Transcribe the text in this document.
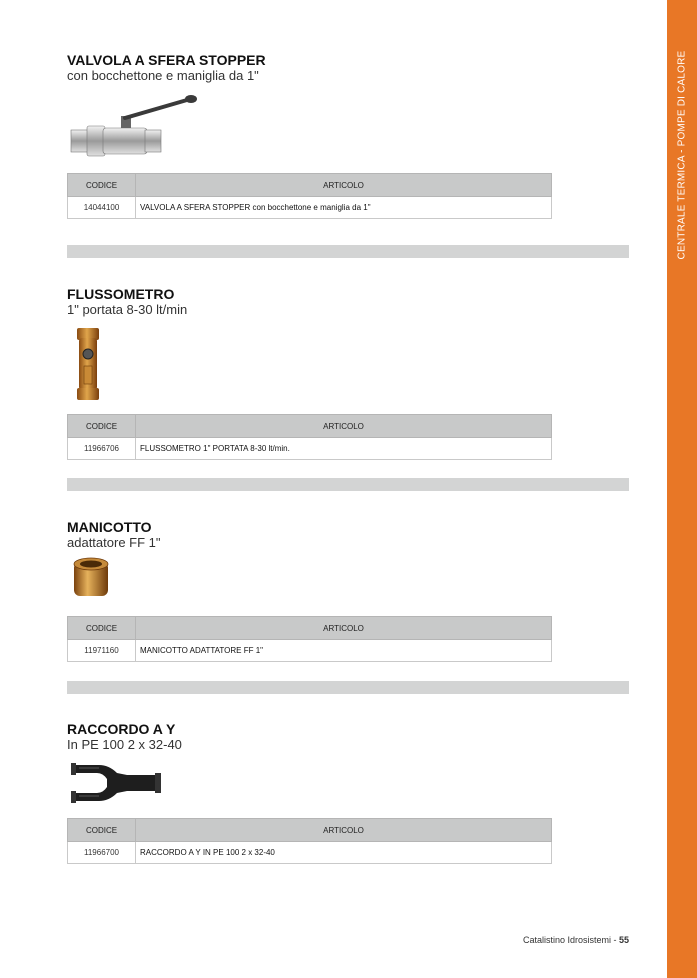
CENTRALE TERMICA - POMPE DI CALORE
VALVOLA A SFERA STOPPER
con bocchettone e maniglia da 1"
CODICE	ARTICOLO
14044100	VALVOLA A SFERA STOPPER con bocchettone e maniglia da 1"
FLUSSOMETRO
1" portata 8-30 lt/min
CODICE	ARTICOLO
11966706	FLUSSOMETRO 1" PORTATA 8-30 lt/min.
MANICOTTO
adattatore FF 1"
CODICE	ARTICOLO
11971160	MANICOTTO ADATTATORE FF 1"
RACCORDO A Y
In PE 100 2 x 32-40
CODICE	ARTICOLO
11966700	RACCORDO A Y IN PE 100 2 x 32-40
Catalistino Idrosistemi - 55
